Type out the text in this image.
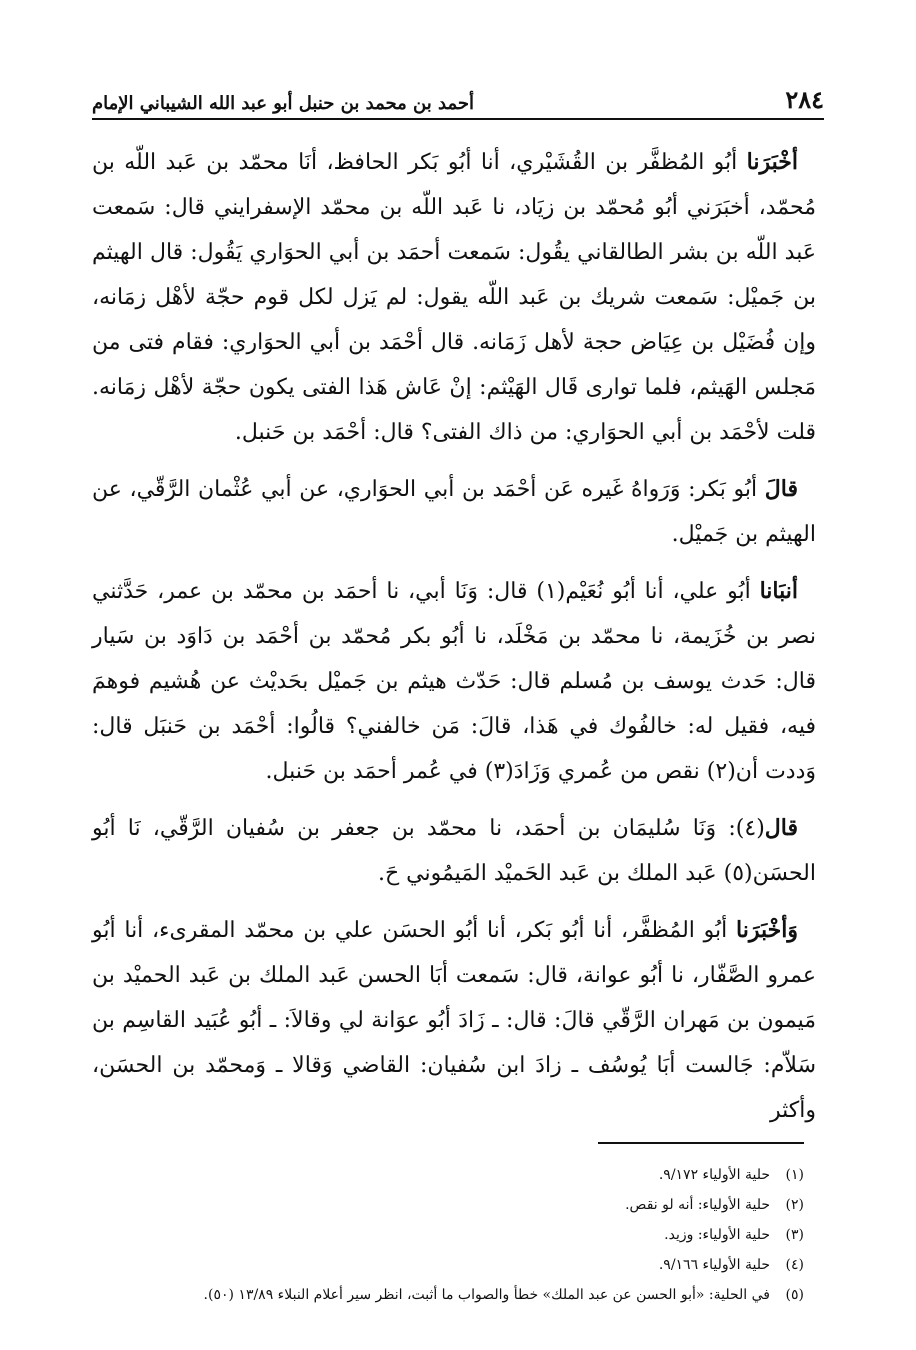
٢٨٤
أحمد بن محمد بن حنبل أبو عبد الله الشيباني الإمام

أخْبَرَنا أبُو المُظفَّر بن القُشَيْري، أنا أبُو بَكر الحافظ، أنَا محمّد بن عَبد اللّه بن مُحمّد، أخبَرَني أبُو مُحمّد بن زيَاد، نا عَبد اللّه بن محمّد الإسفرايني قال: سَمعت عَبد اللّه بن بشر الطالقاني يقُول: سَمعت أحمَد بن أبي الحوَاري يَقُول: قال الهيثم بن جَميْل: سَمعت شريك بن عَبد اللّه يقول: لم يَزل لكل قوم حجّة لأهْل زمَانه، وإن فُضَيْل بن عِيَاض حجة لأهل زَمَانه. قال أحْمَد بن أبي الحوَاري: فقام فتى من مَجلس الهَيثم، فلما توارى قَال الهَيْثم: إنْ عَاش هَذا الفتى يكون حجّة لأهْل زمَانه. قلت لأحْمَد بن أبي الحوَاري: من ذاك الفتى؟ قال: أحْمَد بن حَنبل.

قالَ أبُو بَكر: وَرَواهُ غَيره عَن أحْمَد بن أبي الحوَاري، عن أبي عُثْمان الرَّقّي، عن الهيثم بن جَميْل.

أنبَانا أبُو علي، أنا أبُو نُعَيْم(١) قال: وَنَا أبي، نا أحمَد بن محمّد بن عمر، حَدَّثني نصر بن خُزَيمة، نا محمّد بن مَخْلَد، نا أبُو بكر مُحمّد بن أحْمَد بن دَاوَد بن سَيار قال: حَدث يوسف بن مُسلم قال: حَدّث هيثم بن جَميْل بحَديْث عن هُشيم فوهمَ فيه، فقيل له: خالفُوك في هَذا، قالَ: مَن خالفني؟ قالُوا: أحْمَد بن حَنبَل قال: وَددت أن(٢) نقص من عُمري وَزَادَ(٣) في عُمر أحمَد بن حَنبل.

قال(٤): وَنَا سُليمَان بن أحمَد، نا محمّد بن جعفر بن سُفيان الرَّقّي، نَا أبُو الحسَن(٥) عَبد الملك بن عَبد الحَميْد المَيمُوني حَ.

وَأخْبَرَنا أبُو المُظفَّر، أنا أبُو بَكر، أنا أبُو الحسَن علي بن محمّد المقرىء، أنا أبُو عمرو الصَّفّار، نا أبُو عوانة، قال: سَمعت أبَا الحسن عَبد الملك بن عَبد الحميْد بن مَيمون بن مَهران الرَّقّي قالَ: قال: ـ زَادَ أبُو عوَانة لي وقالاَ: ـ أبُو عُبَيد القاسِم بن سَلاّم: جَالست أبَا يُوسُف ـ زادَ ابن سُفيان: القاضي وَقالا ـ وَمحمّد بن الحسَن، وأكثر

(١)
حلية الأولياء ٩/١٧٢.
(٢)
حلية الأولياء: أنه لو نقص.
(٣)
حلية الأولياء: وزيد.
(٤)
حلية الأولياء ٩/١٦٦.
(٥)
في الحلية: «أبو الحسن عن عبد الملك» خطأ والصواب ما أثبت، انظر سير أعلام النبلاء ١٣/٨٩ (٥٠).
